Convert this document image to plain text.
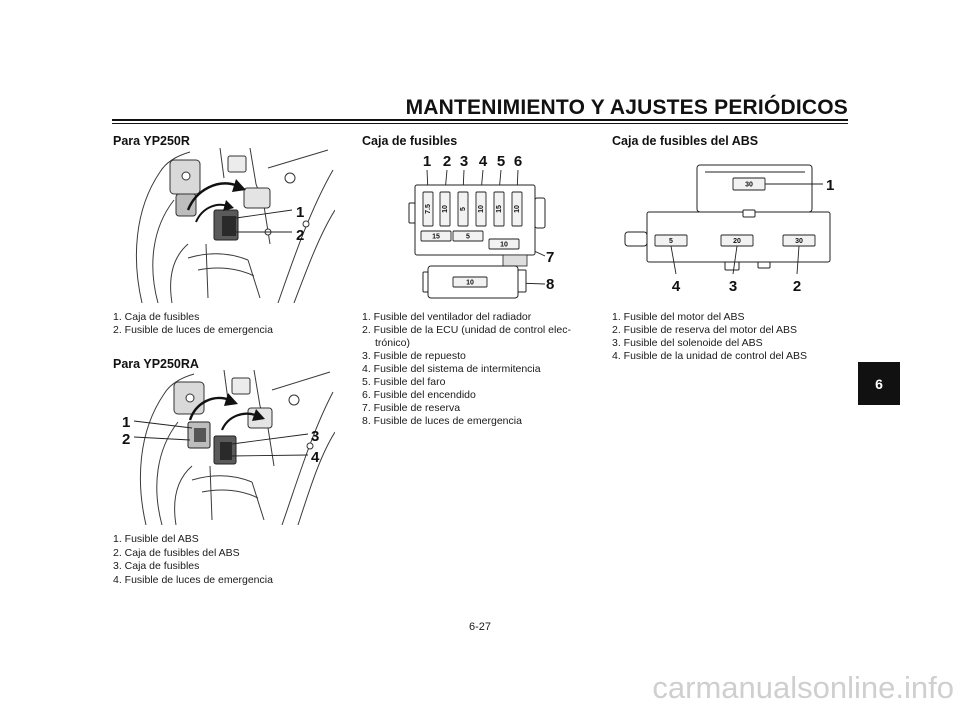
MANTENIMIENTO Y AJUSTES PERIÓDICOS
Para YP250R
1
2
1. Caja de fusibles
2. Fusible de luces de emergencia
Para YP250RA
1
2	3
4
1. Fusible del ABS
2. Caja de fusibles del ABS
3. Caja de fusibles
4. Fusible de luces de emergencia
Caja de fusibles
1 2 3 4 5 6
7.5 10 5 10 15 10
15	5
10
10
7
8
1. Fusible del ventilador del radiador
2. Fusible de la ECU (unidad de control elec-
trónico)
3. Fusible de repuesto
4. Fusible del sistema de intermitencia
5. Fusible del faro
6. Fusible del encendido
7. Fusible de reserva
8. Fusible de luces de emergencia
Caja de fusibles del ABS
30
5	20	30
1
4	3	2
1. Fusible del motor del ABS
2. Fusible de reserva del motor del ABS
3. Fusible del solenoide del ABS
4. Fusible de la unidad de control del ABS
6
6-27
carmanualsonline.info
